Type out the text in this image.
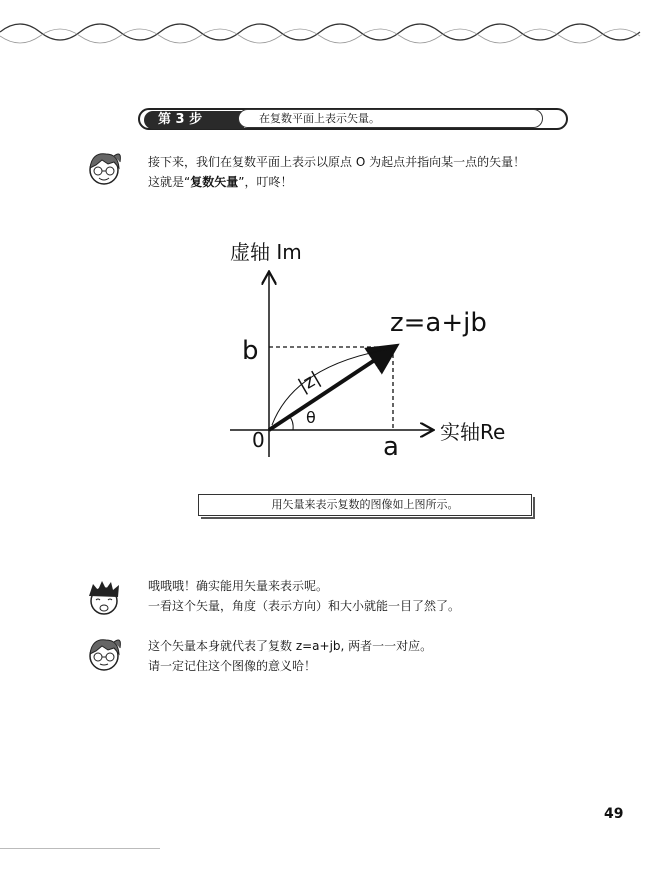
第 3 步	在复数平面上表示矢量。
接下来，我们在复数平面上表示以原点 O 为起点并指向某一点的矢量！
这就是“复数矢量”，叮咚！
虚轴 Im
实轴Re
z=a+jb
b
a
0
|z|
θ
用矢量来表示复数的图像如上图所示。
哦哦哦！确实能用矢量来表示呢。
一看这个矢量，角度（表示方向）和大小就能一目了然了。
这个矢量本身就代表了复数 z=a+jb, 两者一一对应。
请一定记住这个图像的意义哈！
49
